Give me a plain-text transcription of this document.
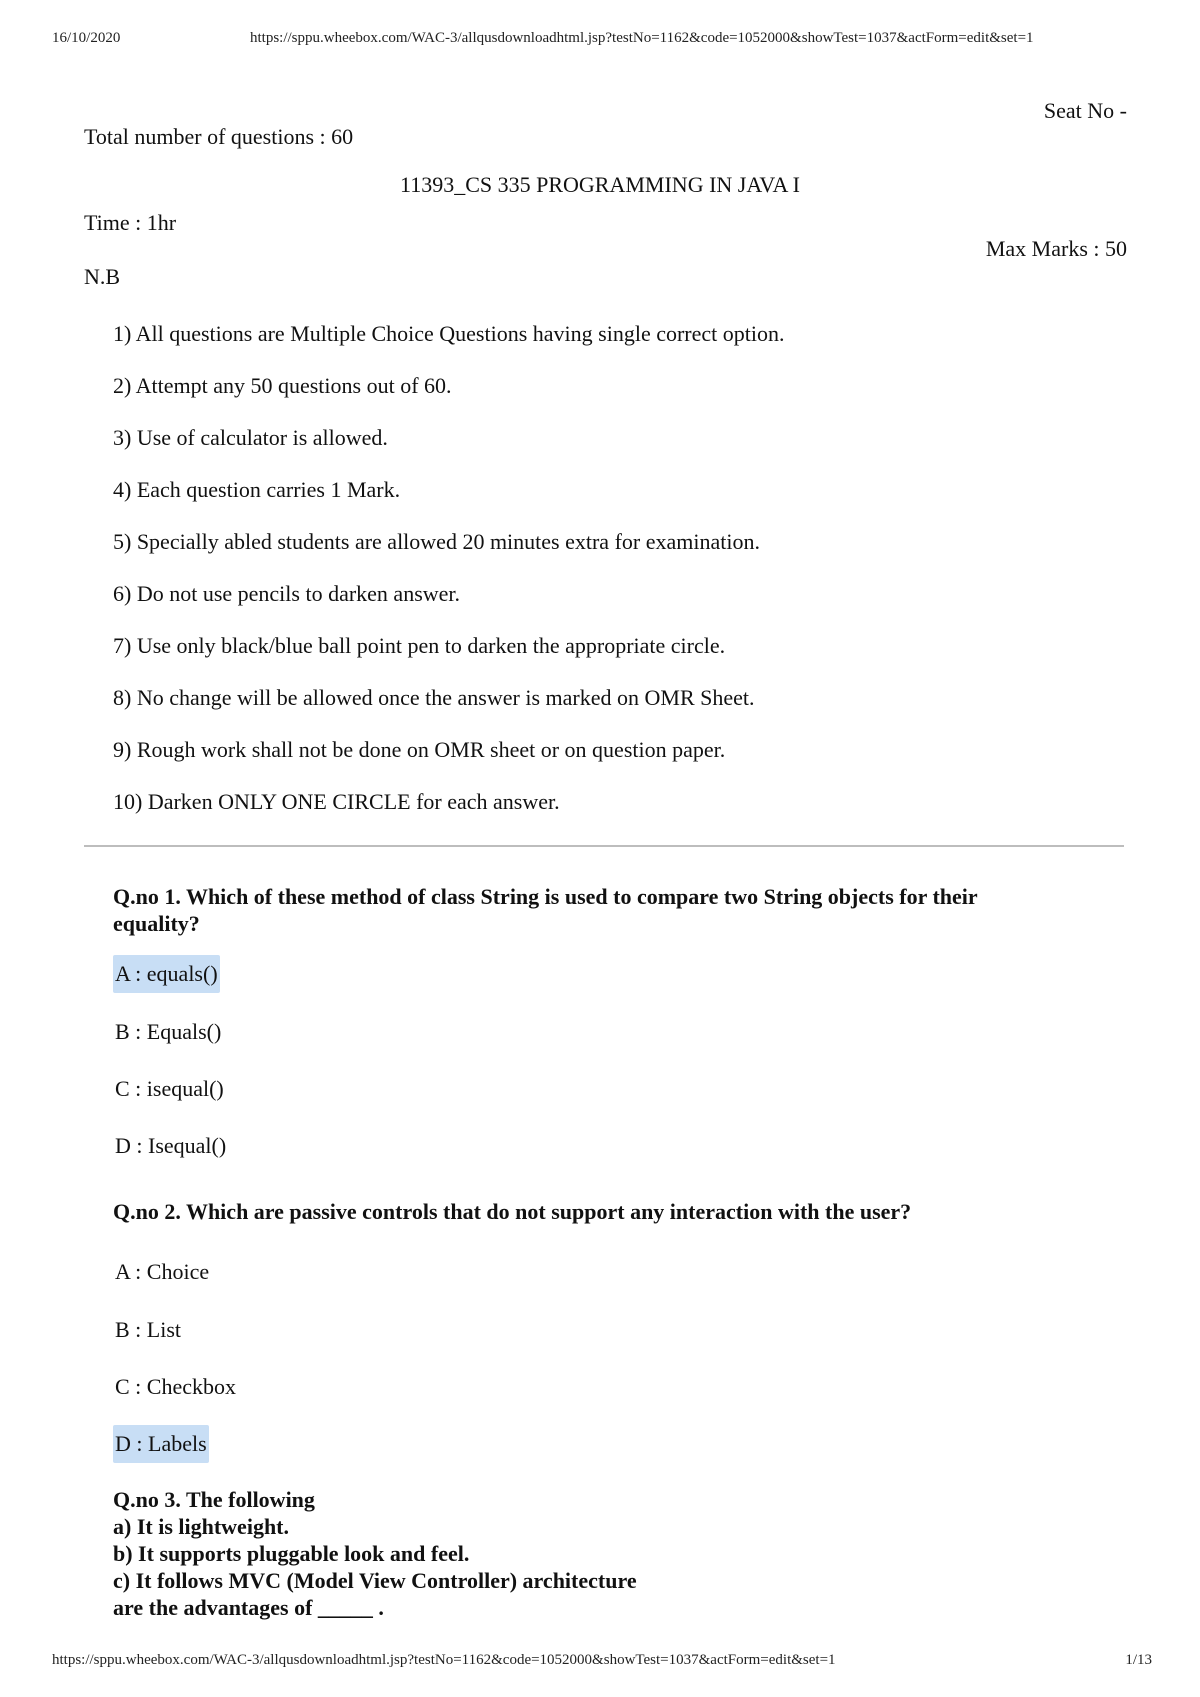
16/10/2020	https://sppu.wheebox.com/WAC-3/allqusdownloadhtml.jsp?testNo=1162&code=1052000&showTest=1037&actForm=edit&set=1
Seat No -
Total number of questions : 60
11393_CS 335 PROGRAMMING IN JAVA I
Time : 1hr
Max Marks : 50
N.B
1) All questions are Multiple Choice Questions having single correct option.
2) Attempt any 50 questions out of 60.
3) Use of calculator is allowed.
4) Each question carries 1 Mark.
5) Specially abled students are allowed 20 minutes extra for examination.
6) Do not use pencils to darken answer.
7) Use only black/blue ball point pen to darken the appropriate circle.
8) No change will be allowed once the answer is marked on OMR Sheet.
9) Rough work shall not be done on OMR sheet or on question paper.
10) Darken ONLY ONE CIRCLE for each answer.
Q.no 1. Which of these method of class String is used to compare two String objects for their
equality?
A : equals()
B : Equals()
C : isequal()
D : Isequal()
Q.no 2. Which are passive controls that do not support any interaction with the user?
A : Choice
B : List
C : Checkbox
D : Labels
Q.no 3. The following
a) It is lightweight.
b) It supports pluggable look and feel.
c) It follows MVC (Model View Controller) architecture
are the advantages of _____ .
https://sppu.wheebox.com/WAC-3/allqusdownloadhtml.jsp?testNo=1162&code=1052000&showTest=1037&actForm=edit&set=1	1/13
